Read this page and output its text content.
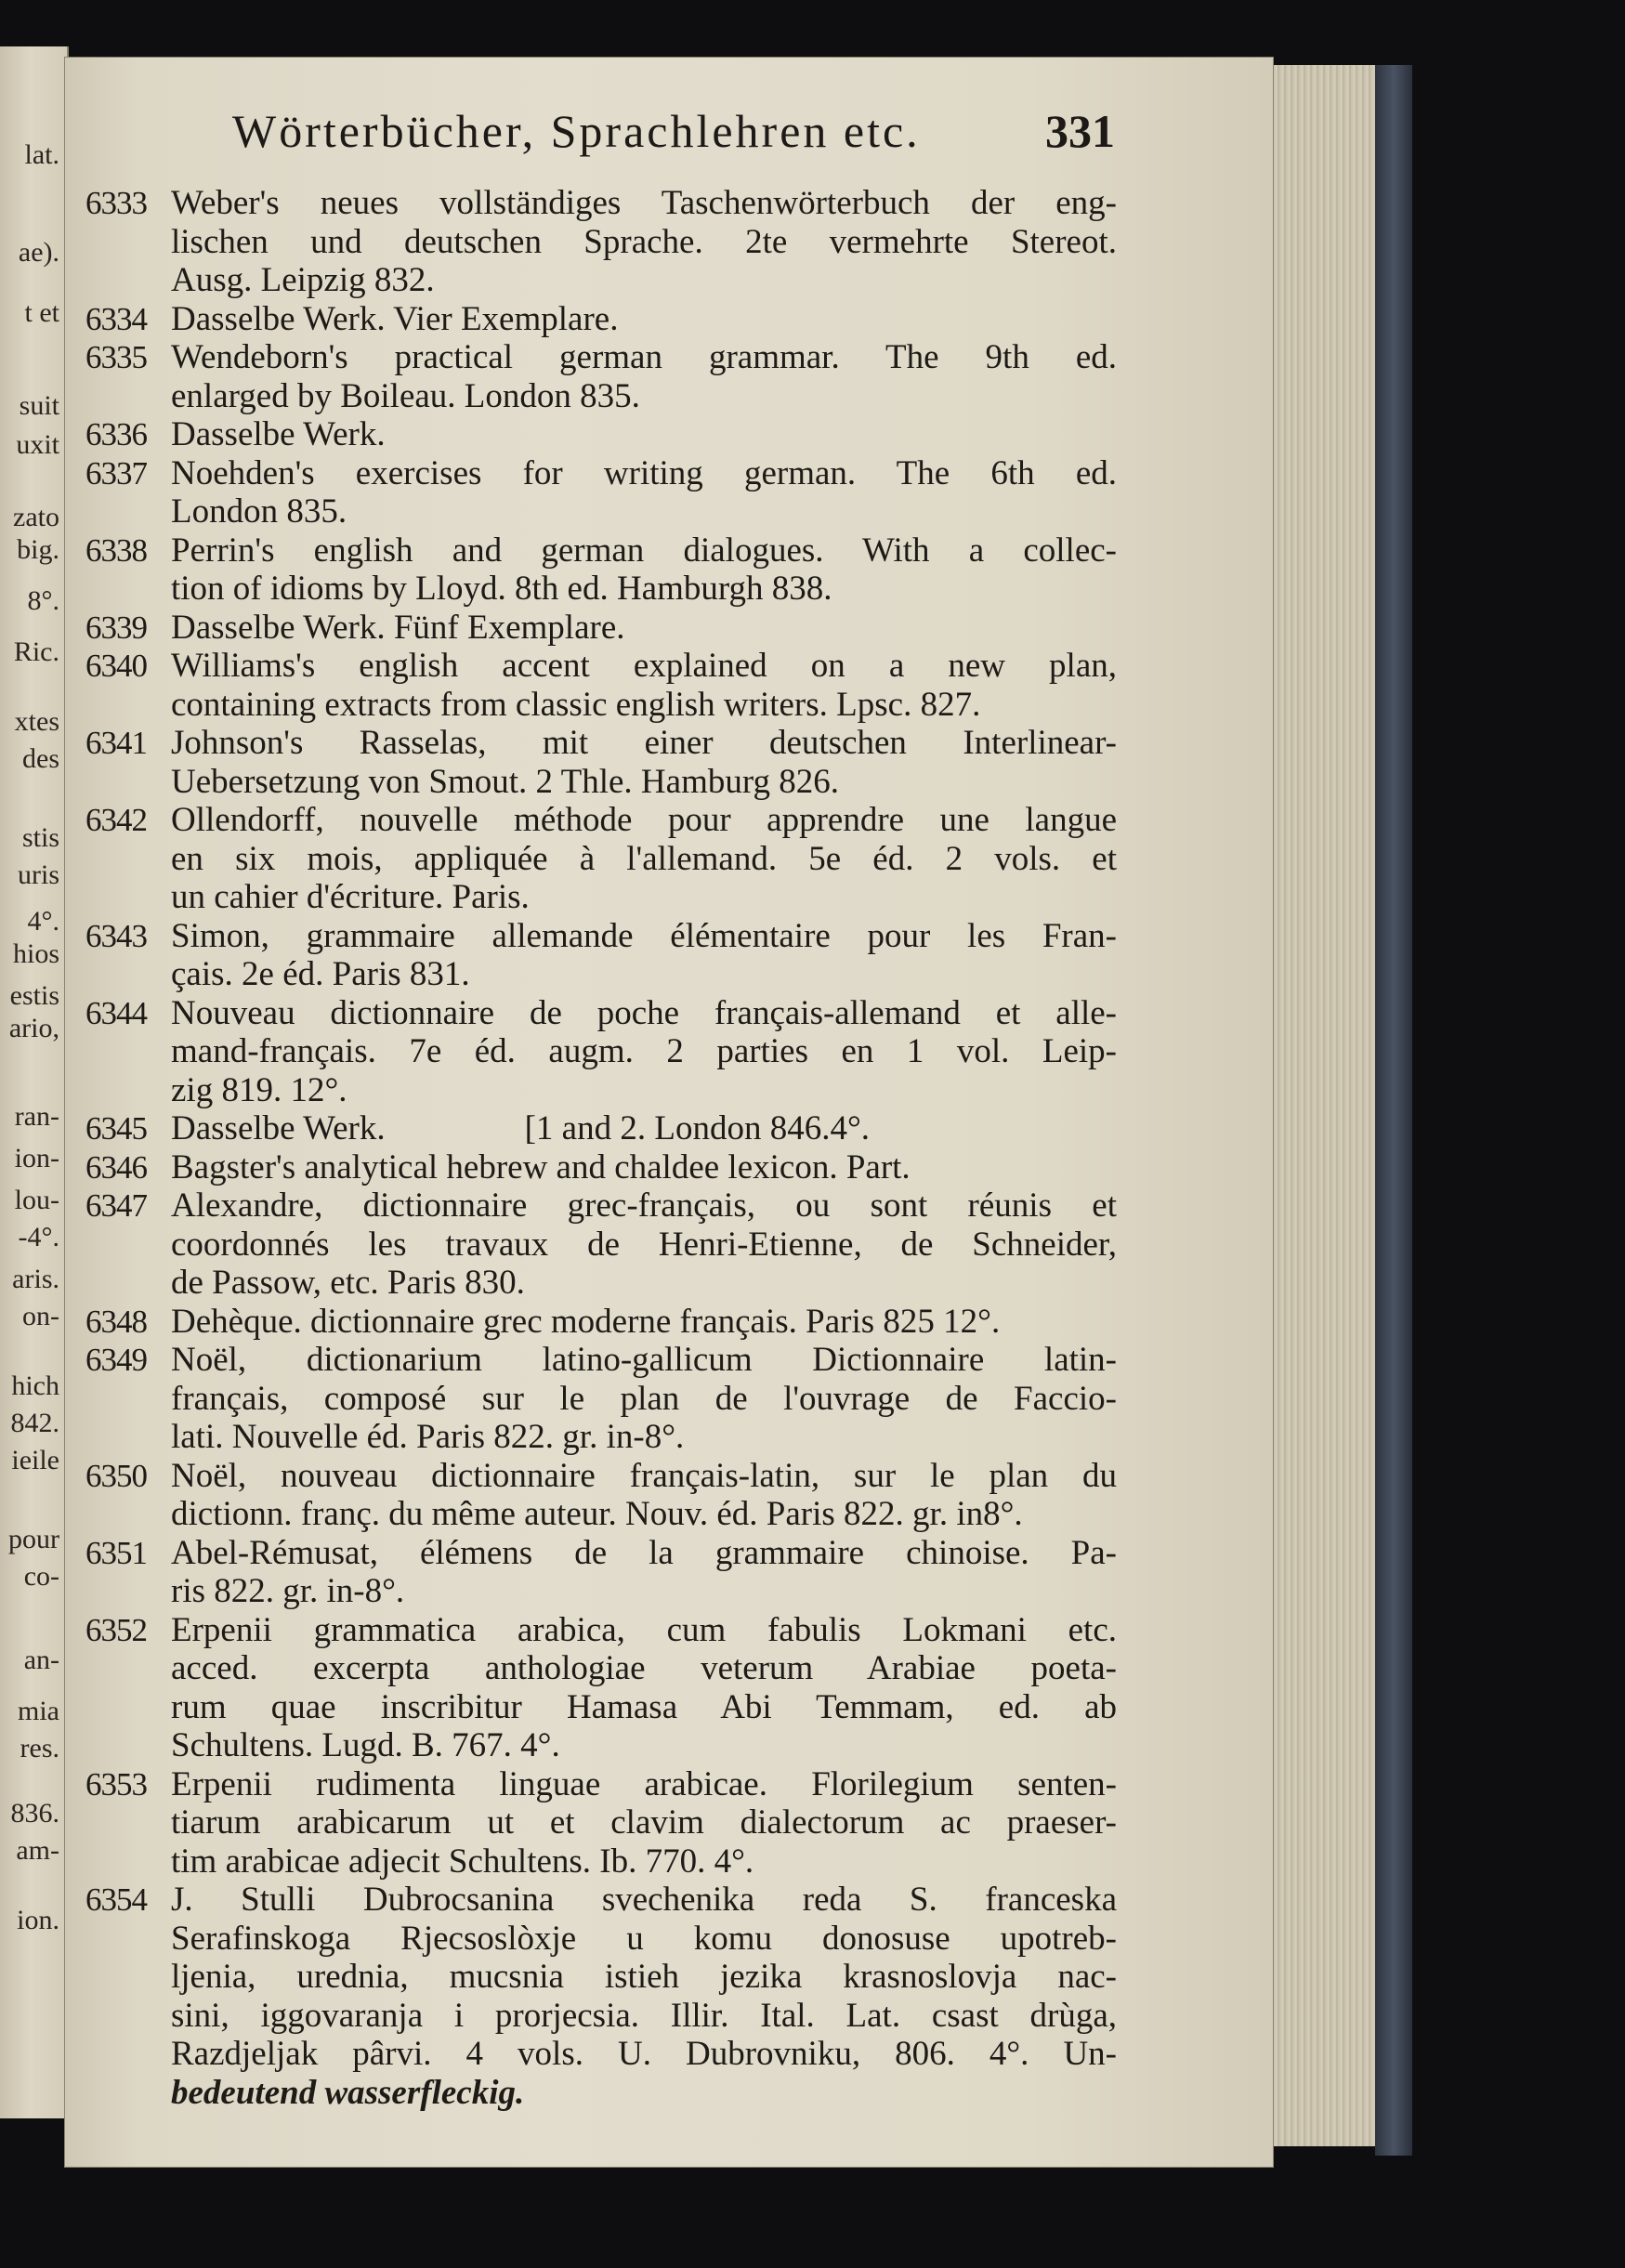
lat.
ae).
t et
suit
uxit
zato
big.
8°.
Ric.
xtes
des
stis
uris
4°.
hios
estis
ario,
ran-
ion-
lou-
-4°.
aris.
on-
hich
842.
ieile
pour
co-
an-
mia
res.
836.
am-
ion.
Wörterbücher, Sprachlehren etc.	331
6333 Weber's neues vollständiges Taschenwörterbuch der eng-
lischen und deutschen Sprache. 2te vermehrte Stereot.
Ausg. Leipzig 832.
6334 Dasselbe Werk. Vier Exemplare.
6335 Wendeborn's practical german grammar. The 9th ed.
enlarged by Boileau. London 835.
6336 Dasselbe Werk.
6337 Noehden's exercises for writing german. The 6th ed.
London 835.
6338 Perrin's english and german dialogues. With a collec-
tion of idioms by Lloyd. 8th ed. Hamburgh 838.
6339 Dasselbe Werk. Fünf Exemplare.
6340 Williams's english accent explained on a new plan,
containing extracts from classic english writers. Lpsc. 827.
6341 Johnson's Rasselas, mit einer deutschen Interlinear-
Uebersetzung von Smout. 2 Thle. Hamburg 826.
6342 Ollendorff, nouvelle méthode pour apprendre une langue
en six mois, appliquée à l'allemand. 5e éd. 2 vols. et
un cahier d'écriture. Paris.
6343 Simon, grammaire allemande élémentaire pour les Fran-
çais. 2e éd. Paris 831.
6344 Nouveau dictionnaire de poche français-allemand et alle-
mand-français. 7e éd. augm. 2 parties en 1 vol. Leip-
zig 819. 12°.
6345 Dasselbe Werk.	[1 and 2. London 846.4°.
6346 Bagster's analytical hebrew and chaldee lexicon. Part.
6347 Alexandre, dictionnaire grec-français, ou sont réunis et
coordonnés les travaux de Henri-Etienne, de Schneider,
de Passow, etc. Paris 830.
6348 Dehèque. dictionnaire grec moderne français. Paris 825 12°.
6349 Noël, dictionarium latino-gallicum Dictionnaire latin-
français, composé sur le plan de l'ouvrage de Faccio-
lati. Nouvelle éd. Paris 822. gr. in-8°.
6350 Noël, nouveau dictionnaire français-latin, sur le plan du
dictionn. franç. du même auteur. Nouv. éd. Paris 822. gr. in8°.
6351 Abel-Rémusat, élémens de la grammaire chinoise. Pa-
ris 822. gr. in-8°.
6352 Erpenii grammatica arabica, cum fabulis Lokmani etc.
acced. excerpta anthologiae veterum Arabiae poeta-
rum quae inscribitur Hamasa Abi Temmam, ed. ab
Schultens. Lugd. B. 767. 4°.
6353 Erpenii rudimenta linguae arabicae. Florilegium senten-
tiarum arabicarum ut et clavim dialectorum ac praeser-
tim arabicae adjecit Schultens. Ib. 770. 4°.
6354 J. Stulli Dubrocsanina svechenika reda S. franceska
Serafinskoga Rjecsoslòxje u komu donosuse upotreb-
ljenia, urednia, mucsnia istieh jezika krasnoslovja nac-
sini, iggovaranja i prorjecsia. Illir. Ital. Lat. csast drùga,
Razdjeljak pârvi. 4 vols. U. Dubrovniku, 806. 4°. Un-
bedeutend wasserfleckig.
